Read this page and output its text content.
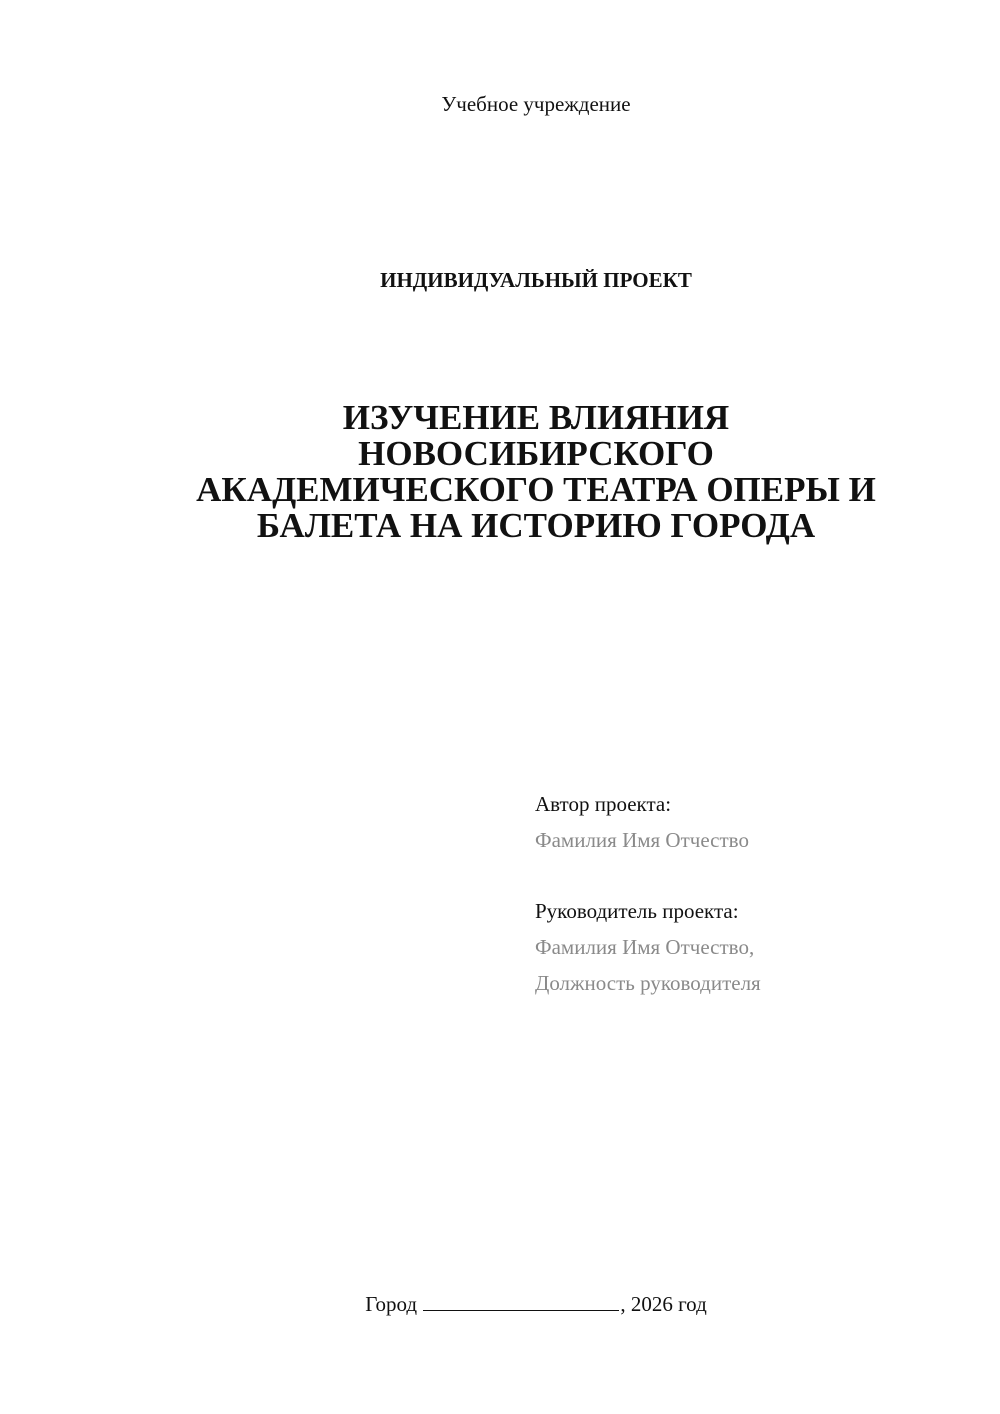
Учебное учреждение
ИНДИВИДУАЛЬНЫЙ ПРОЕКТ
ИЗУЧЕНИЕ ВЛИЯНИЯ
НОВОСИБИРСКОГО
АКАДЕМИЧЕСКОГО ТЕАТРА ОПЕРЫ И
БАЛЕТА НА ИСТОРИЮ ГОРОДА
Автор проекта:
Фамилия Имя Отчество
Руководитель проекта:
Фамилия Имя Отчество,
Должность руководителя
Город	, 2026 год
